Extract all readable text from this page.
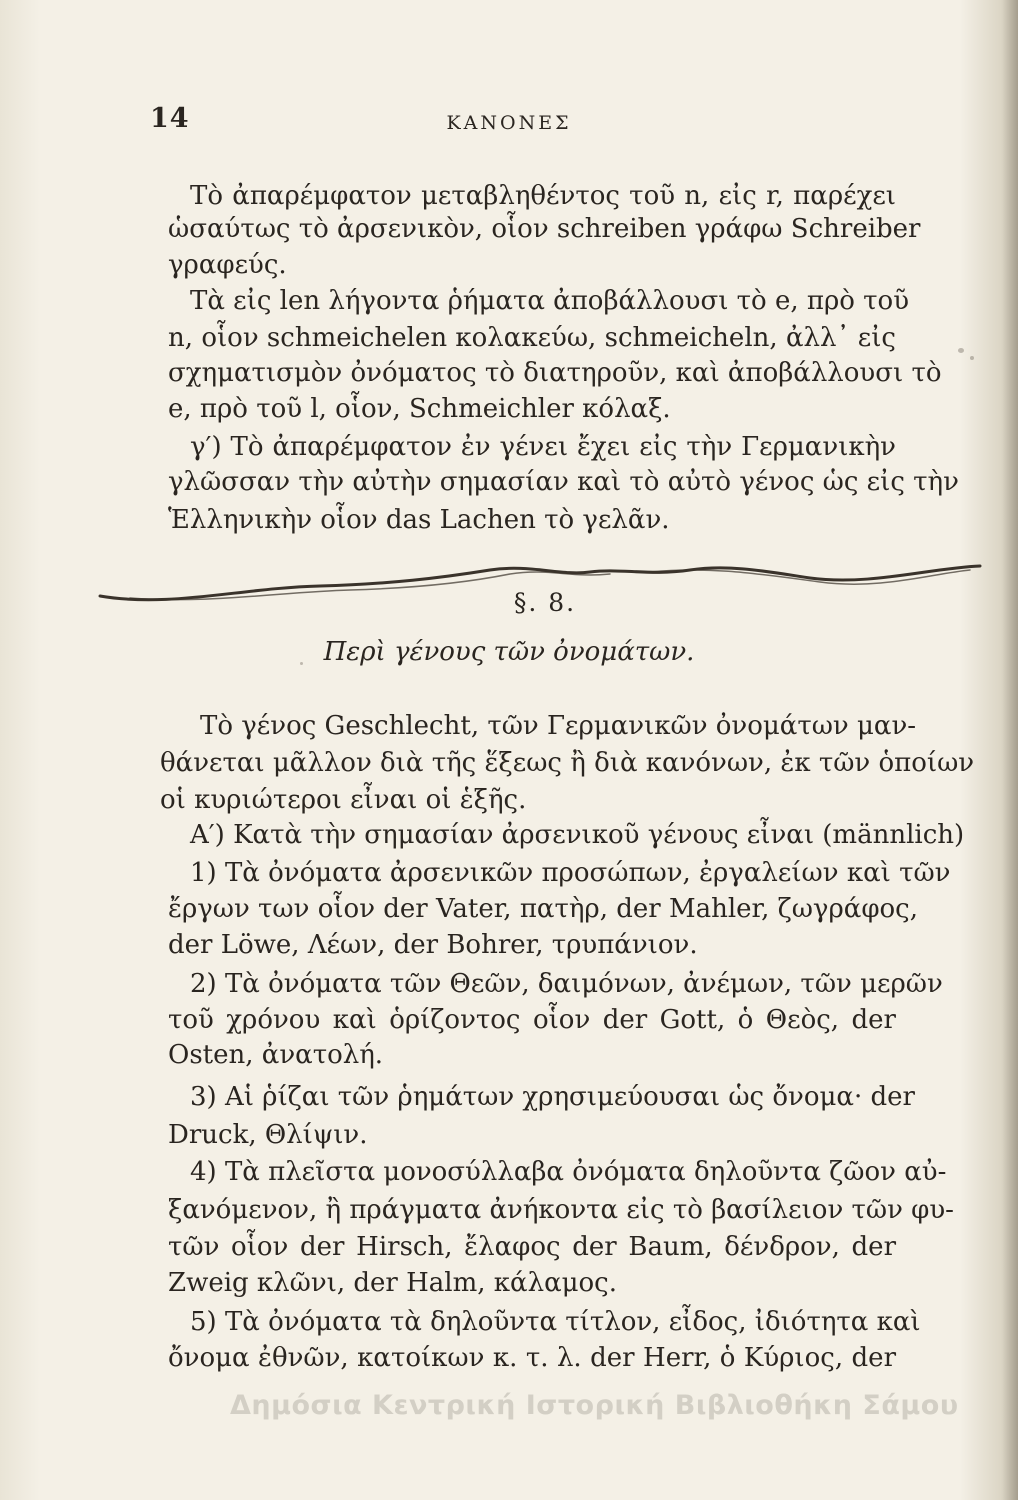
14	ΚΑΝΟΝΕΣ
Τὸ ἀπαρέμφατον μεταβληθέντος τοῦ n, εἰς r, παρέχει
ὡσαύτως τὸ ἀρσενικὸν, οἷον schreiben γράφω Schreiber
γραφεύς.
Τὰ εἰς len λήγοντα ῥήματα ἀποβάλλουσι τὸ e, πρὸ τοῦ
n, οἷον schmeichelen κολακεύω, schmeicheln, ἀλλ᾽ εἰς
σχηματισμὸν ὀνόματος τὸ διατηροῦν, καὶ ἀποβάλλουσι τὸ
e, πρὸ τοῦ l, οἷον, Schmeichler κόλαξ.
γ′) Τὸ ἀπαρέμφατον ἐν γένει ἔχει εἰς τὴν Γερμανικὴν
γλῶσσαν τὴν αὐτὴν σημασίαν καὶ τὸ αὐτὸ γένος ὡς εἰς τὴν
Ἑλληνικὴν οἷον das Lachen τὸ γελᾶν.
§. 8.
Περὶ γένους τῶν ὀνομάτων.
Τὸ γένος Geschlecht, τῶν Γερμανικῶν ὀνομάτων μαν-
θάνεται μᾶλλον διὰ τῆς ἕξεως ἢ διὰ κανόνων, ἐκ τῶν ὁποίων
οἱ κυριώτεροι εἶναι οἱ ἑξῆς.
Α′) Κατὰ τὴν σημασίαν ἀρσενικοῦ γένους εἶναι (männlich)
1) Τὰ ὀνόματα ἀρσενικῶν προσώπων, ἐργαλείων καὶ τῶν
ἔργων των οἷον der Vater, πατὴρ, der Mahler, ζωγράφος,
der Löwe, Λέων, der Bohrer, τρυπάνιον.
2) Τὰ ὀνόματα τῶν Θεῶν, δαιμόνων, ἀνέμων, τῶν μερῶν
τοῦ χρόνου καὶ ὁρίζοντος οἷον der Gott, ὁ Θεὸς, der
Osten, ἀνατολή.
3) Αἱ ῥίζαι τῶν ῥημάτων χρησιμεύουσαι ὡς ὄνομα· der
Druck, Θλίψιν.
4) Τὰ πλεῖστα μονοσύλλαβα ὀνόματα δηλοῦντα ζῶον αὐ-
ξανόμενον, ἢ πράγματα ἀνήκοντα εἰς τὸ βασίλειον τῶν φυ-
τῶν οἷον der Hirsch, ἔλαφος der Baum, δένδρον, der
Zweig κλῶνι, der Halm, κάλαμος.
5) Τὰ ὀνόματα τὰ δηλοῦντα τίτλον, εἶδος, ἰδιότητα καὶ
ὄνομα ἐθνῶν, κατοίκων κ. τ. λ. der Herr, ὁ Κύριος, der
Δημόσια Κεντρική Ιστορική Βιβλιοθήκη Σάμου
